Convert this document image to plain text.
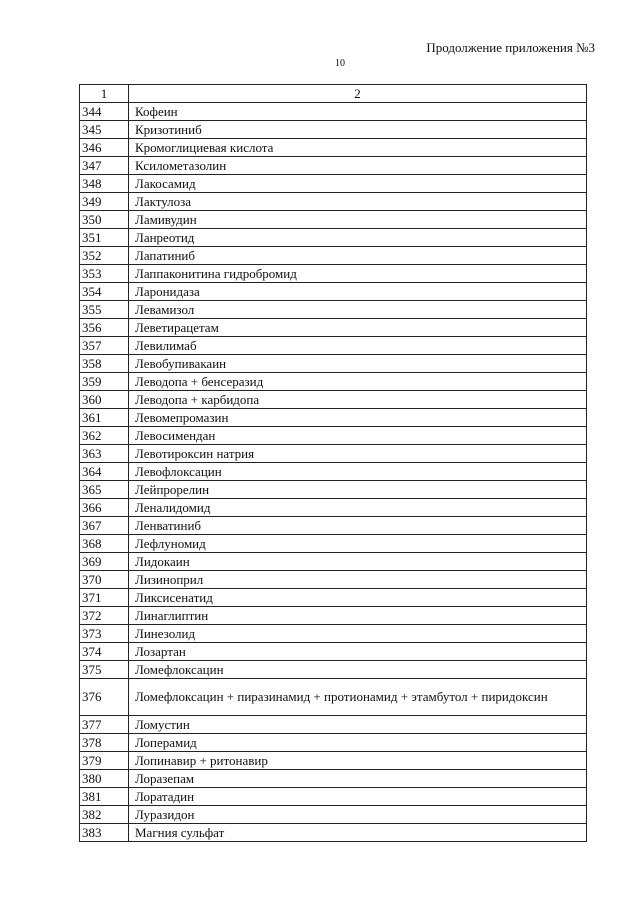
Продолжение приложения №3
10
1	2
344	Кофеин
345	Кризотиниб
346	Кромоглициевая кислота
347	Ксилометазолин
348	Лакосамид
349	Лактулоза
350	Ламивудин
351	Ланреотид
352	Лапатиниб
353	Лаппаконитина гидробромид
354	Ларонидаза
355	Левамизол
356	Леветирацетам
357	Левилимаб
358	Левобупивакаин
359	Леводопа + бенсеразид
360	Леводопа + карбидопа
361	Левомепромазин
362	Левосимендан
363	Левотироксин натрия
364	Левофлоксацин
365	Лейпрорелин
366	Леналидомид
367	Ленватиниб
368	Лефлуномид
369	Лидокаин
370	Лизиноприл
371	Ликсисенатид
372	Линаглиптин
373	Линезолид
374	Лозартан
375	Ломефлоксацин
376	Ломефлоксацин + пиразинамид + протионамид + этамбутол + пиридоксин
377	Ломустин
378	Лоперамид
379	Лопинавир + ритонавир
380	Лоразепам
381	Лоратадин
382	Луразидон
383	Магния сульфат
